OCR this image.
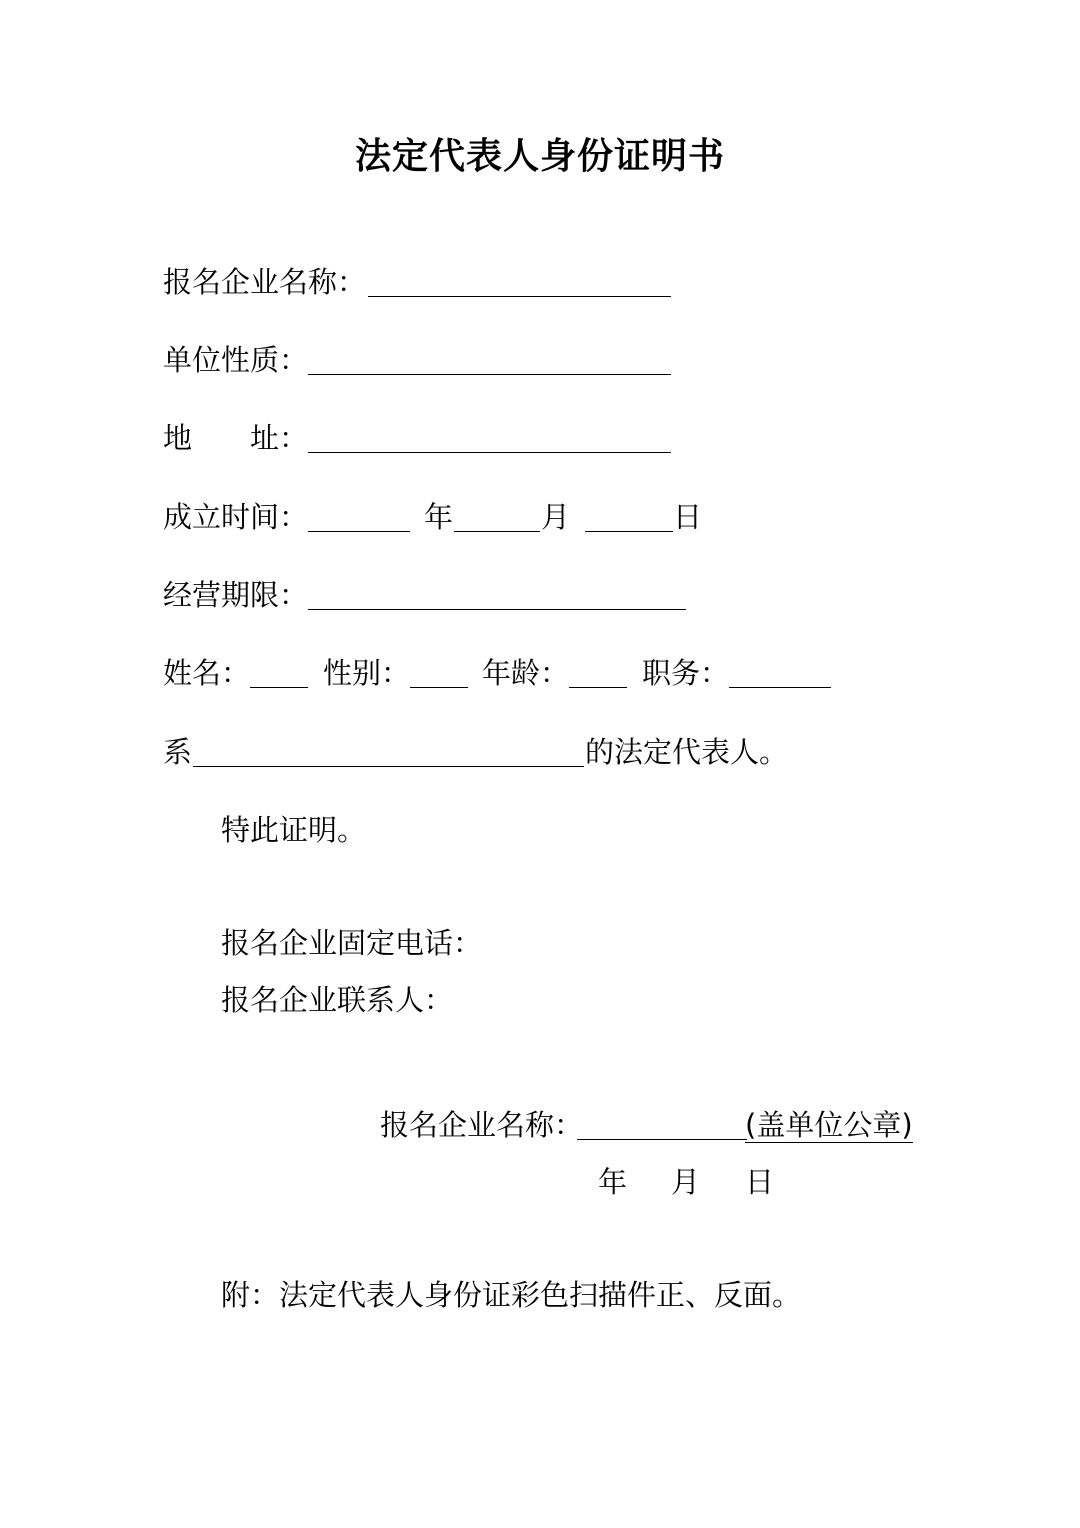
法定代表人身份证明书
报名企业名称：
单位性质：
地 址：
成立时间：	年	月	日
经营期限：
姓名：	性别： 年龄：	职务：
系	的法定代表人。
特此证明。
报名企业固定电话：
报名企业联系人：
报名企业名称：	(盖单位公章)
年 月 日
附：法定代表人身份证彩色扫描件正、反面。
